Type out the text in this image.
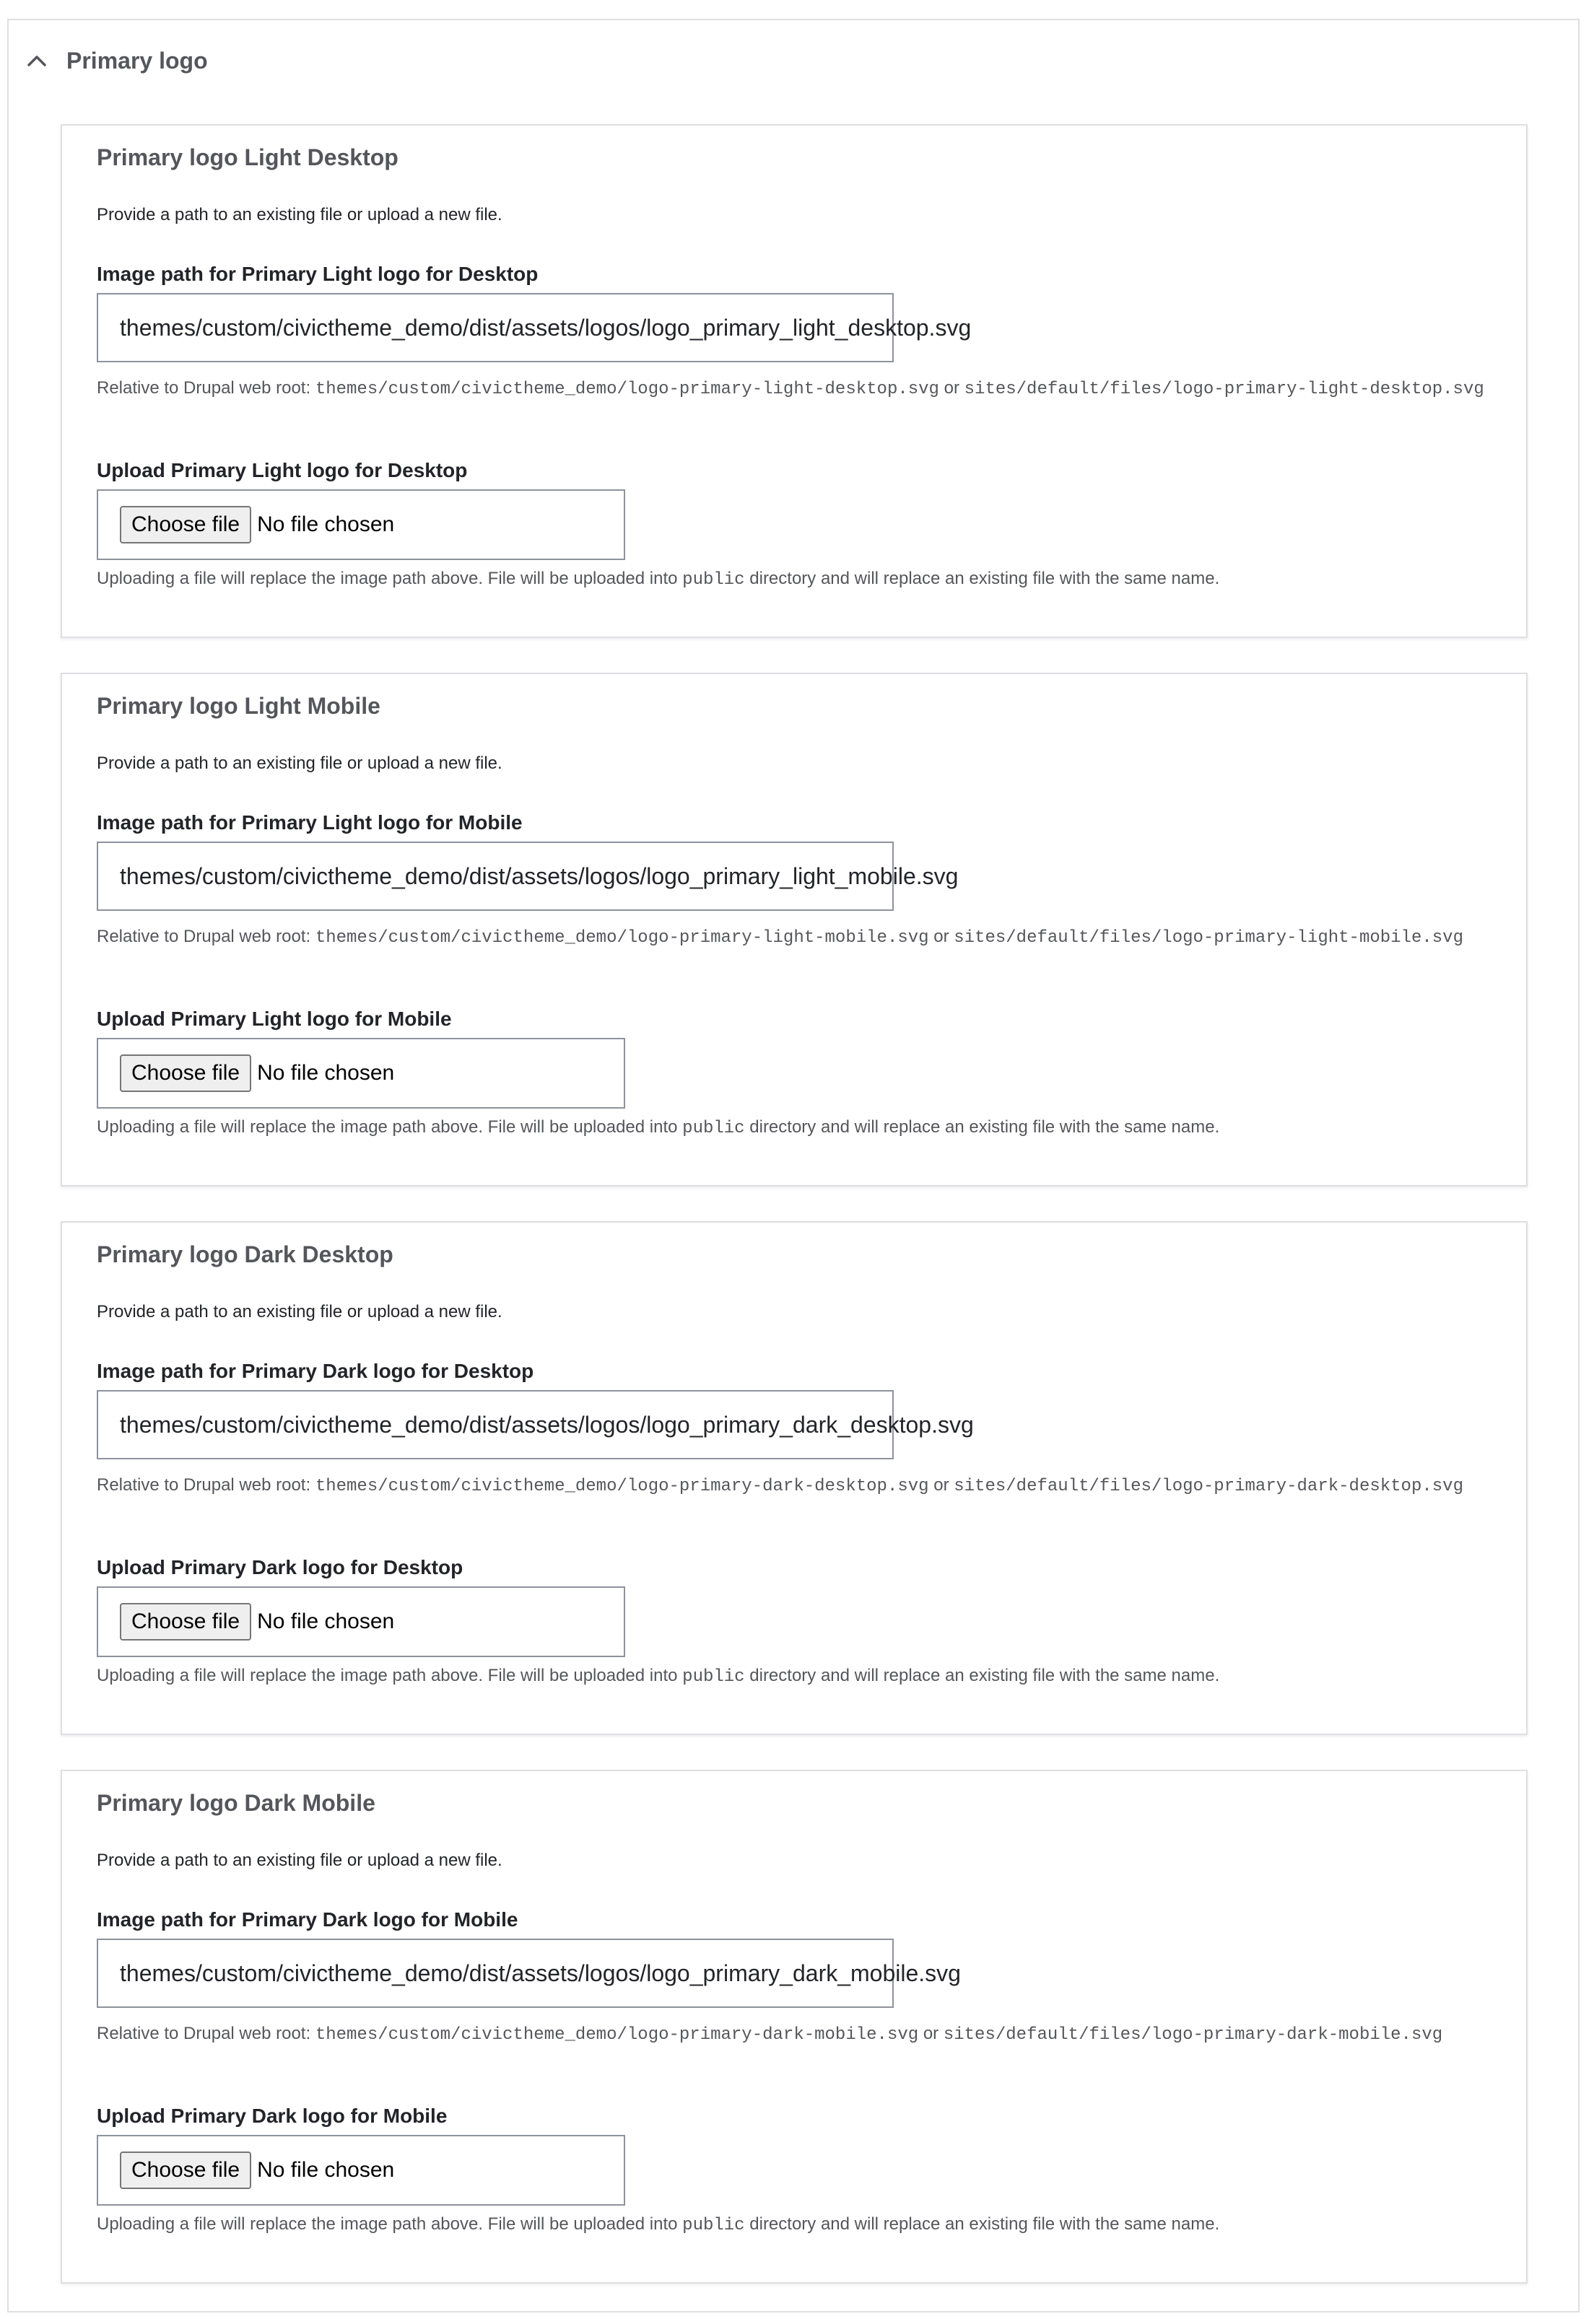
Primary logo
Primary logo Light Desktop
Provide a path to an existing file or upload a new file.
Image path for Primary Light logo for Desktop
themes/custom/civictheme_demo/dist/assets/logos/logo_primary_light_desktop.svg
Relative to Drupal web root: themes/custom/civictheme_demo/logo-primary-light-desktop.svg or sites/default/files/logo-primary-light-desktop.svg
Upload Primary Light logo for Desktop
Choose file No file chosen
Uploading a file will replace the image path above. File will be uploaded into public directory and will replace an existing file with the same name.
Primary logo Light Mobile
Provide a path to an existing file or upload a new file.
Image path for Primary Light logo for Mobile
themes/custom/civictheme_demo/dist/assets/logos/logo_primary_light_mobile.svg
Relative to Drupal web root: themes/custom/civictheme_demo/logo-primary-light-mobile.svg or sites/default/files/logo-primary-light-mobile.svg
Upload Primary Light logo for Mobile
Choose file No file chosen
Uploading a file will replace the image path above. File will be uploaded into public directory and will replace an existing file with the same name.
Primary logo Dark Desktop
Provide a path to an existing file or upload a new file.
Image path for Primary Dark logo for Desktop
themes/custom/civictheme_demo/dist/assets/logos/logo_primary_dark_desktop.svg
Relative to Drupal web root: themes/custom/civictheme_demo/logo-primary-dark-desktop.svg or sites/default/files/logo-primary-dark-desktop.svg
Upload Primary Dark logo for Desktop
Choose file No file chosen
Uploading a file will replace the image path above. File will be uploaded into public directory and will replace an existing file with the same name.
Primary logo Dark Mobile
Provide a path to an existing file or upload a new file.
Image path for Primary Dark logo for Mobile
themes/custom/civictheme_demo/dist/assets/logos/logo_primary_dark_mobile.svg
Relative to Drupal web root: themes/custom/civictheme_demo/logo-primary-dark-mobile.svg or sites/default/files/logo-primary-dark-mobile.svg
Upload Primary Dark logo for Mobile
Choose file No file chosen
Uploading a file will replace the image path above. File will be uploaded into public directory and will replace an existing file with the same name.
